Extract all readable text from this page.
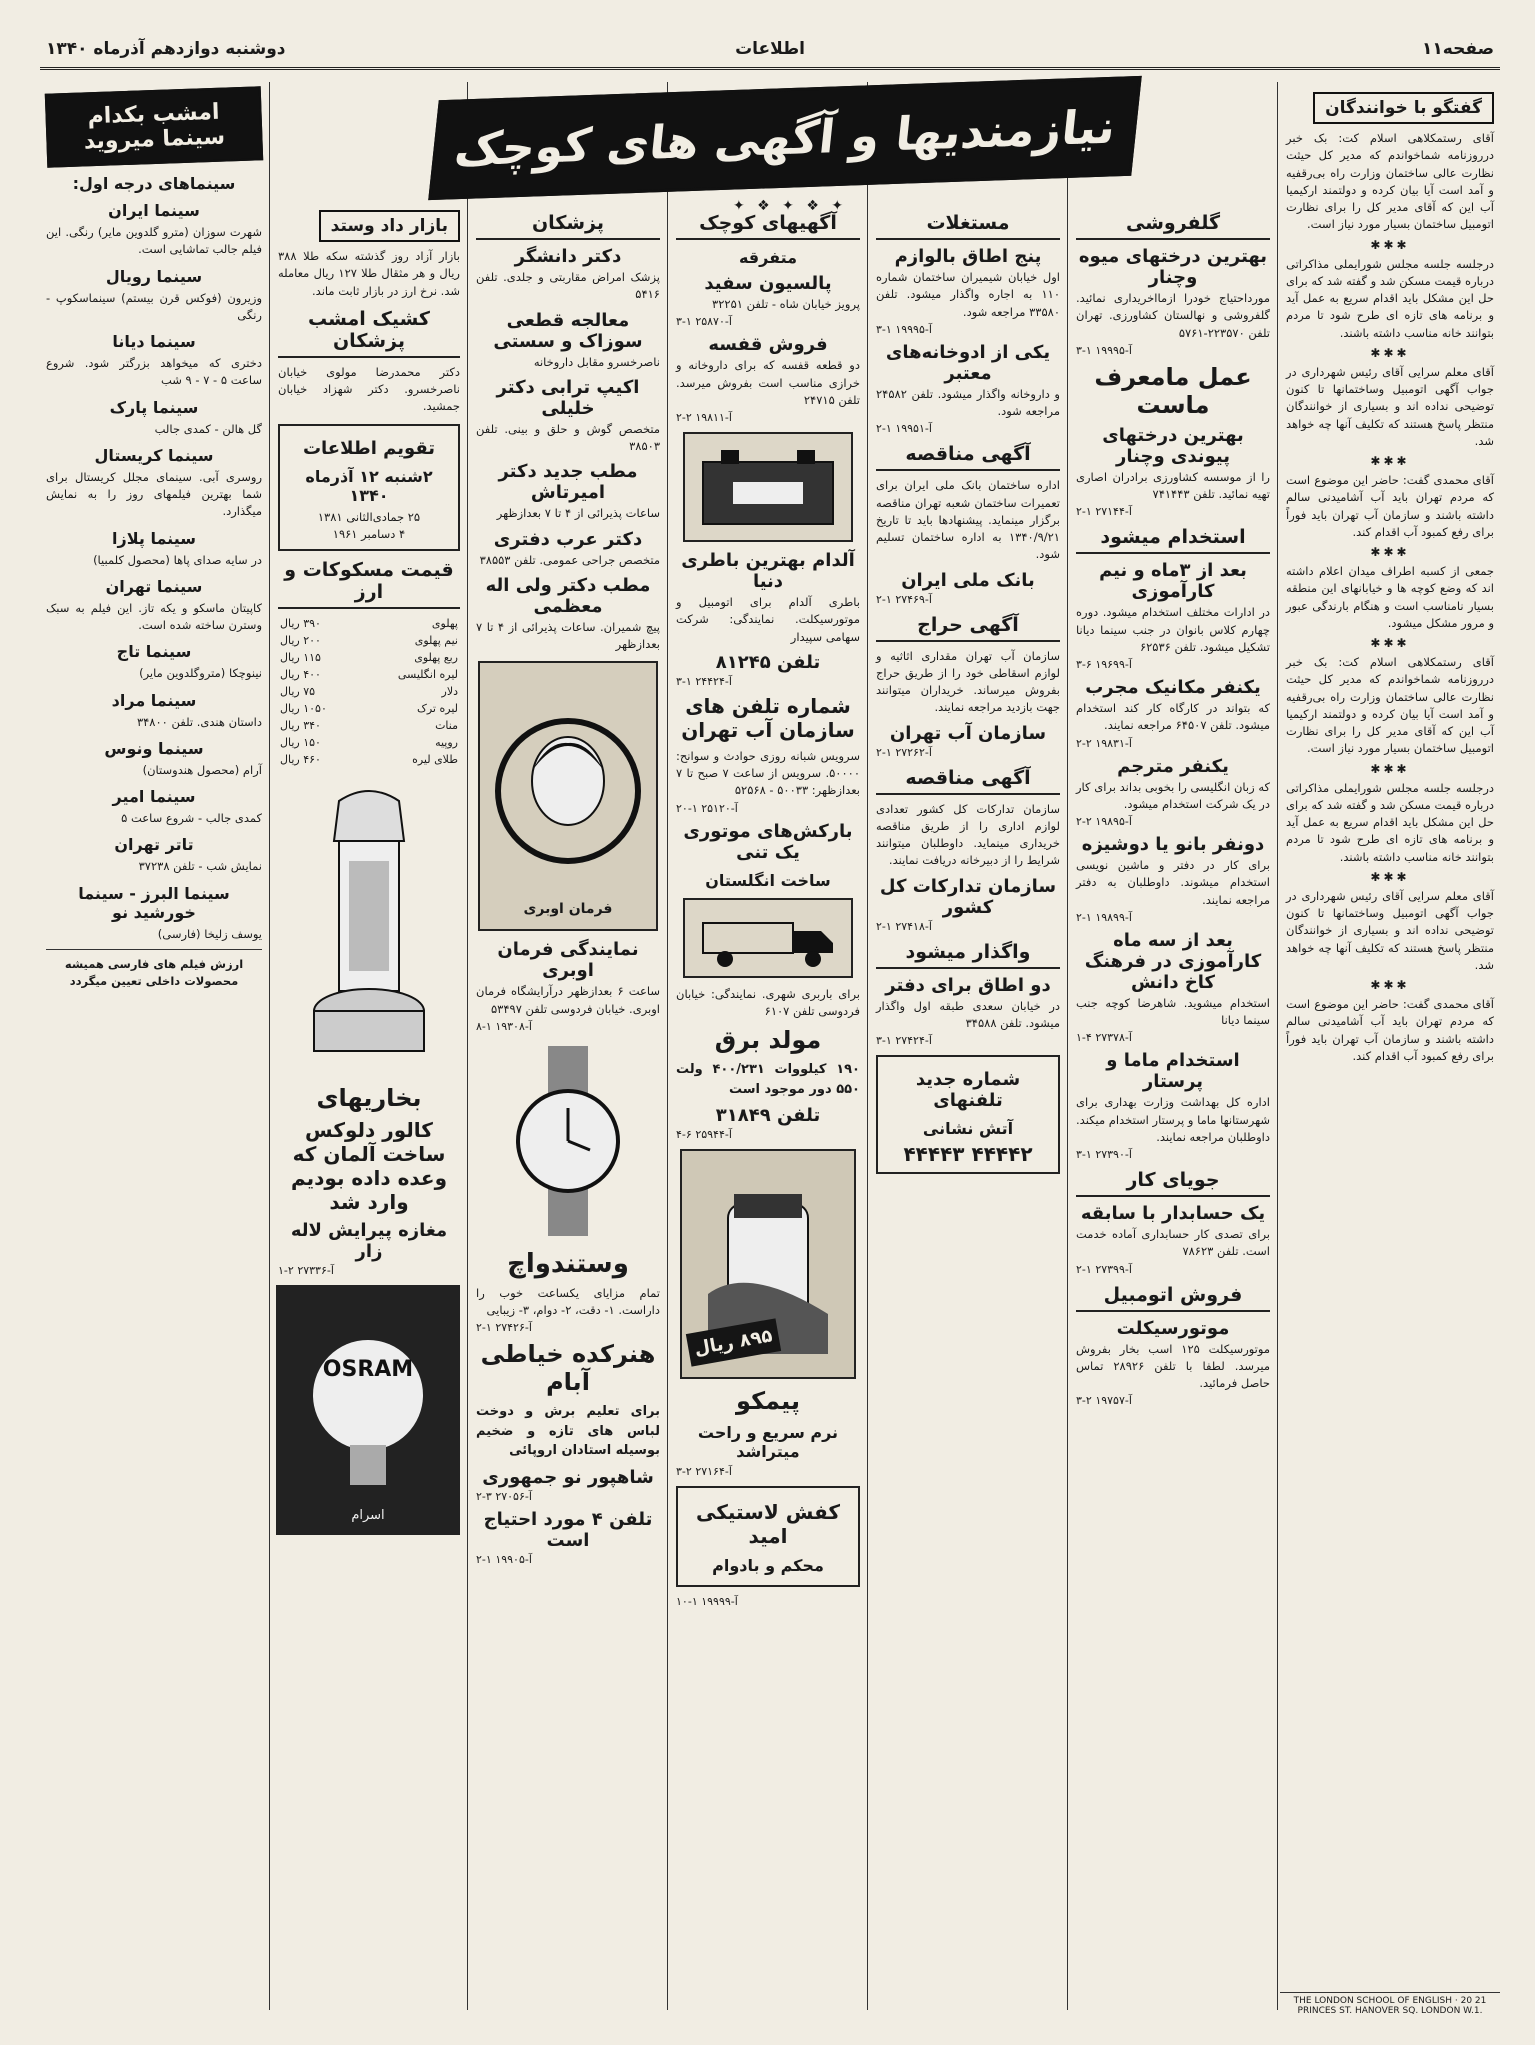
صفحه۱۱
اطلاعات
دوشنبه دوازدهم آذرماه ۱۳۴۰
نیازمندیها و آگهی های کوچک
✦ ❖ ✦ ❖ ✦
گفتگو با خوانندگان

آقای رستمکلاهی اسلام کت: بک خبر درروزنامه شماخواندم که مدیر کل حیثت نظارت عالی ساختمان وزارت راه بی‌رقفیه و آمد است آیا بیان کرده و دولتمند ارکیمیا آب این که آقای مدیر کل را برای نظارت اتومبیل ساختمان بسیار مورد نیاز است.

✱✱✱

درجلسه جلسه مجلس شورایملی مذاکراتی درباره قیمت مسکن شد و گفته شد که برای حل این مشکل باید اقدام سریع به عمل آید و برنامه های تازه ای طرح شود تا مردم بتوانند خانه مناسب داشته باشند.

✱✱✱

آقای معلم سرایی آقای رئیس شهرداری در جواب آگهی اتومبیل وساختمانها تا کنون توضیحی نداده اند و بسیاری از خوانندگان منتظر پاسخ هستند که تکلیف آنها چه خواهد شد.

✱✱✱

آقای محمدی گفت: حاضر این موضوع است که مردم تهران باید آب آشامیدنی سالم داشته باشند و سازمان آب تهران باید فوراً برای رفع کمبود آب اقدام کند.

✱✱✱

جمعی از کسبه اطراف میدان اعلام داشته اند که وضع کوچه ها و خیابانهای این منطقه بسیار نامناسب است و هنگام بارندگی عبور و مرور مشکل میشود.

✱✱✱

آقای رستمکلاهی اسلام کت: بک خبر درروزنامه شماخواندم که مدیر کل حیثت نظارت عالی ساختمان وزارت راه بی‌رقفیه و آمد است آیا بیان کرده و دولتمند ارکیمیا آب این که آقای مدیر کل را برای نظارت اتومبیل ساختمان بسیار مورد نیاز است.

✱✱✱

درجلسه جلسه مجلس شورایملی مذاکراتی درباره قیمت مسکن شد و گفته شد که برای حل این مشکل باید اقدام سریع به عمل آید و برنامه های تازه ای طرح شود تا مردم بتوانند خانه مناسب داشته باشند.

✱✱✱

آقای معلم سرایی آقای رئیس شهرداری در جواب آگهی اتومبیل وساختمانها تا کنون توضیحی نداده اند و بسیاری از خوانندگان منتظر پاسخ هستند که تکلیف آنها چه خواهد شد.

✱✱✱

آقای محمدی گفت: حاضر این موضوع است که مردم تهران باید آب آشامیدنی سالم داشته باشند و سازمان آب تهران باید فوراً برای رفع کمبود آب اقدام کند.

گلفروشی
بهترین درختهای میوه وچنار

مورداحتیاج خودرا ازمااخریداری نمائید. گلفروشی و نهالستان کشاورزی. تهران تلفن ۲۲۳۵۷۰-۵۷۶۱

آ-۱۹۹۹۵ ۱-۳
عمل مامعرف ماست
بهترین درختهای پیوندی وچنار

را از موسسه کشاورزی برادران اصاری تهیه نمائید. تلفن ۷۴۱۴۴۳

آ-۲۷۱۴۴ ۱-۲
استخدام میشود
بعد از ۳ماه و نیم کارآموزی

در ادارات مختلف استخدام میشود. دوره چهارم کلاس بانوان در جنب سینما دیانا تشکیل میشود. تلفن ۶۲۵۳۶

آ-۱۹۶۹۹ ۶-۳
یکنفر مکانیک مجرب

که بتواند در کارگاه کار کند استخدام میشود. تلفن ۶۴۵۰۷ مراجعه نمایند.

آ-۱۹۸۳۱ ۲-۲
یکنفر مترجم

که زبان انگلیسی را بخوبی بداند برای کار در یک شرکت استخدام میشود.

آ-۱۹۸۹۵ ۲-۲
دونفر بانو یا دوشیزه

برای کار در دفتر و ماشین نویسی استخدام میشوند. داوطلبان به دفتر مراجعه نمایند.

آ-۱۹۸۹۹ ۱-۲
بعد از سه ماه کارآموزی در فرهنگ کاخ دانش

استخدام میشوید. شاهرضا کوچه جنب سینما دیانا

آ-۲۷۳۷۸ ۴-۱
استخدام ماما و پرستار

اداره کل بهداشت وزارت بهداری برای شهرستانها ماما و پرستار استخدام میکند. داوطلبان مراجعه نمایند.

آ-۲۷۳۹۰ ۱-۳
جویای کار
یک حسابدار با سابقه

برای تصدی کار حسابداری آماده خدمت است. تلفن ۷۸۶۲۳

آ-۲۷۳۹۹ ۱-۲
فروش اتومبیل
موتورسیکلت

موتورسیکلت ۱۲۵ اسب بخار بفروش میرسد. لطفا با تلفن ۲۸۹۲۶ تماس حاصل فرمائید.

آ-۱۹۷۵۷ ۲-۳
مستغلات
پنج اطاق بالوازم

اول خیابان شیمیران ساختمان شماره ۱۱۰ به اجاره واگذار میشود. تلفن ۳۳۵۸۰ مراجعه شود.

آ-۱۹۹۹۵ ۱-۳
یکی از ادوخانه‌های معتبر

و داروخانه واگذار میشود. تلفن ۲۴۵۸۲ مراجعه شود.

آ-۱۹۹۵۱ ۱-۲
آگهی مناقصه

اداره ساختمان بانک ملی ایران برای تعمیرات ساختمان شعبه تهران مناقصه برگزار مینماید. پیشنهادها باید تا تاریخ ۱۳۴۰/۹/۲۱ به اداره ساختمان تسلیم شود.

بانک ملی ایران
آ-۲۷۴۶۹ ۱-۲
آگهی حراج

سازمان آب تهران مقداری اثاثیه و لوازم اسقاطی خود را از طریق حراج بفروش میرساند. خریداران میتوانند جهت بازدید مراجعه نمایند.

سازمان آب تهران
آ-۲۷۲۶۲ ۱-۲
آگهی مناقصه

سازمان تدارکات کل کشور تعدادی لوازم اداری را از طریق مناقصه خریداری مینماید. داوطلبان میتوانند شرایط را از دبیرخانه دریافت نمایند.

سازمان تدارکات کل کشور
آ-۲۷۴۱۸ ۱-۲
واگذار میشود
دو اطاق برای دفتر

در خیابان سعدی طبقه اول واگذار میشود. تلفن ۳۴۵۸۸

آ-۲۷۴۲۴ ۱-۳
شماره جدید تلفنهای
آتش نشانی
۴۴۴۴۲ ۴۴۴۴۳
آگهیهای کوچک
متفرقه
پالسیون سفید

پرویز خیابان شاه - تلفن ۳۲۲۵۱

آ-۲۵۸۷۰ ۱-۳
فروش قفسه

دو قطعه قفسه که برای داروخانه و خرازی مناسب است بفروش میرسد. تلفن ۲۴۷۱۵

آ-۱۹۸۱۱ ۲-۲
آلدام بهترین باطری دنیا

باطری آلدام برای اتومبیل و موتورسیکلت. نمایندگی: شرکت سهامی سپیدار

تلفن ۸۱۲۴۵
آ-۲۴۴۲۴ ۱-۳
شماره تلفن های سازمان آب تهران

سرویس شبانه روزی حوادث و سوانح: ۵۰۰۰۰. سرویس از ساعت ۷ صبح تا ۷ بعدازظهر: ۵۰۰۳۳ - ۵۲۵۶۸

آ-۲۵۱۲۰ ۱-۲۰
بارکش‌های موتوری یک تنی
ساخت انگلستان

برای باربری شهری. نمایندگی: خیابان فردوسی تلفن ۶۱۰۷

مولد برق

۱۹۰ کیلووات ۴۰۰/۲۳۱ ولت ۵۵۰ دور موجود است

تلفن ۳۱۸۴۹
آ-۲۵۹۴۴ ۶-۴
۸۹۵ ریال
پیمکو
نرم سریع و راحت میتراشد
آ-۲۷۱۶۴ ۲-۳
کفش لاستیکی امید
محکم و بادوام
آ-۱۹۹۹۹ ۱-۱۰
پزشکان
دکتر دانشگر

پزشک امراض مقاربتی و جلدی. تلفن ۵۴۱۶

معالجه قطعی سوزاک و سستی

ناصرخسرو مقابل داروخانه

اکیپ ترابی دکتر خلیلی

متخصص گوش و حلق و بینی. تلفن ۳۸۵۰۳

مطب جدید دکتر امیرتاش

ساعات پذیرائی از ۴ تا ۷ بعدازظهر

دکتر عرب دفتری

متخصص جراحی عمومی. تلفن ۳۸۵۵۳

مطب دکتر ولی اله معظمی

پیچ شمیران. ساعات پذیرائی از ۴ تا ۷ بعدازظهر

فرمان اوبری
نمایندگی فرمان اوبری

ساعت ۶ بعدازظهر درآرایشگاه فرمان اوبری. خیابان فردوسی تلفن ۵۳۴۹۷

آ-۱۹۳۰۸ ۱-۸
وستندواچ

تمام مزایای یکساعت خوب را داراست. ۱- دقت، ۲- دوام، ۳- زیبایی

آ-۲۷۴۲۶ ۱-۲
هنرکده خیاطی آبام

برای تعلیم برش و دوخت لباس های تازه و ضخیم بوسیله استادان اروپائی

شاهپور نو جمهوری
آ-۲۷۰۵۶ ۳-۲
تلفن ۴ مورد احتیاج است
آ-۱۹۹۰۵ ۱-۲
بازار داد وستد

بازار آزاد روز گذشته سکه طلا ۳۸۸ ریال و هر مثقال طلا ۱۲۷ ریال معامله شد. نرخ ارز در بازار ثابت ماند.

کشیک امشب پزشکان

دکتر محمدرضا مولوی خیابان ناصرخسرو. دکتر شهزاد خیابان جمشید.

تقویم اطلاعات
۲شنبه ۱۲ آذرماه ۱۳۴۰
۲۵ جمادی‌الثانی ۱۳۸۱
۴ دسامبر ۱۹۶۱
قیمت مسکوکات و ارز
پهلوی	۳۹۰ ریال
نیم پهلوی	۲۰۰ ریال
ربع پهلوی	۱۱۵ ریال
لیره انگلیسی	۴۰۰ ریال
دلار	۷۵ ریال
لیره ترک	۱۰۵۰ ریال
منات	۳۴۰ ریال
روپیه	۱۵۰ ریال
طلای لیره	۴۶۰ ریال
بخاریهای
کالور دلوکس ساخت آلمان که وعده داده بودیم وارد شد
مغازه پیرایش لاله زار
آ-۲۷۳۳۶ ۲-۱
OSRAM
اسرام
امشب بکدام سینما میروید
سینماهای درجه اول:
سینما ایران

شهرت سوزان (مترو گلدوین مایر) رنگی. این فیلم جالب تماشایی است.

سینما رویال

وزیرون (فوکس قرن بیستم) سینماسکوپ - رنگی

سینما دیانا

دختری که میخواهد بزرگتر شود. شروع ساعت ۵ - ۷ - ۹ شب

سینما پارک

گل هالن - کمدی جالب

سینما کریستال

روسری آبی. سینمای مجلل کریستال برای شما بهترین فیلمهای روز را به نمایش میگذارد.

سینما پلازا

در سایه صدای پاها (محصول کلمبیا)

سینما تهران

کاپیتان ماسکو و یکه تاز. این فیلم به سبک وسترن ساخته شده است.

سینما تاج

نینوچکا (متروگلدوین مایر)

سینما مراد

داستان هندی. تلفن ۳۴۸۰۰

سینما ونوس

آرام (محصول هندوستان)

سینما امیر

کمدی جالب - شروع ساعت ۵

تاتر تهران

نمایش شب - تلفن ۳۷۲۳۸

سینما البرز - سینما خورشید نو

یوسف زلیخا (فارسی)

ارزش فیلم های فارسی همیشه محصولات داخلی تعیین میگردد

THE LONDON SCHOOL OF ENGLISH · 20 21 PRINCES ST. HANOVER SQ. LONDON W.1.
